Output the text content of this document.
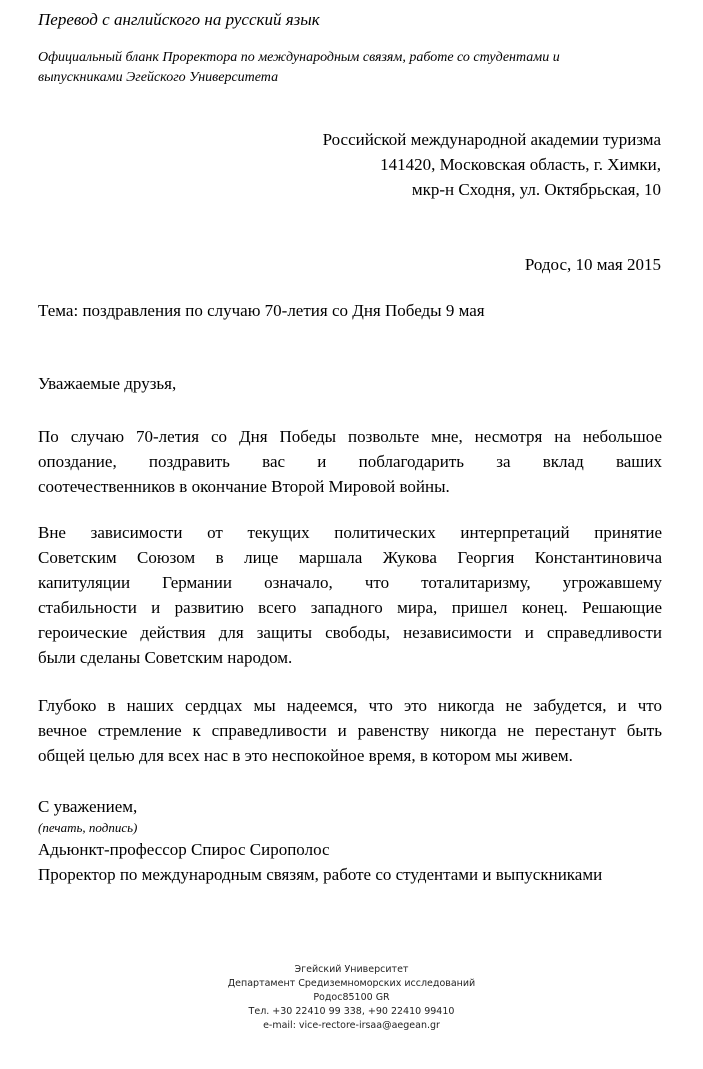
Перевод с английского на русский язык
Официальный бланк Проректора по международным связям, работе со студентами и
выпускниками Эгейского Университета
Российской международной академии туризма
141420, Московская область, г. Химки,
мкр-н Сходня, ул. Октябрьская, 10
Родос, 10 мая 2015
Тема: поздравления по случаю 70-летия со Дня Победы 9 мая
Уважаемые друзья,
По случаю 70-летия со Дня Победы позвольте мне, несмотря на небольшое
опоздание, поздравить вас и поблагодарить за вклад ваших
соотечественников в окончание Второй Мировой войны.
Вне зависимости от текущих политических интерпретаций принятие
Советским Союзом в лице маршала Жукова Георгия Константиновича
капитуляции Германии означало, что тоталитаризму, угрожавшему
стабильности и развитию всего западного мира, пришел конец. Решающие
героические действия для защиты свободы, независимости и справедливости
были сделаны Советским народом.
Глубоко в наших сердцах мы надеемся, что это никогда не забудется, и что
вечное стремление к справедливости и равенству никогда не перестанут быть
общей целью для всех нас в это неспокойное время, в котором мы живем.
С уважением,
(печать, подпись)
Адьюнкт-профессор Спирос Сирополос
Проректор по международным связям, работе со студентами и выпускниками
Эгейский Университет
Департамент Средиземноморских исследований
Родос85100 GR
Тел. +30 22410 99 338, +90 22410 99410
e-mail: vice-rectore-irsaa@aegean.gr
